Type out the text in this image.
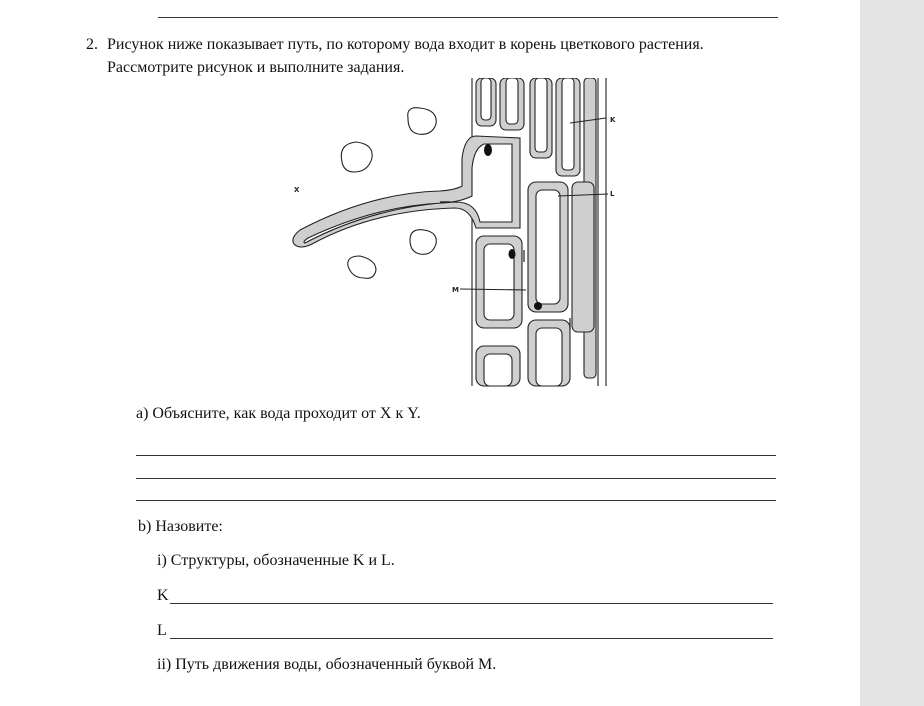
2. Рисунок ниже показывает путь, по которому вода входит в корень цветкового растения.
Рассмотрите рисунок и выполните задания.
X
K
L
M
a) Объясните, как вода проходит от X к Y.
b) Назовите:
i) Структуры, обозначенные K и L.
K
L
ii) Путь движения воды, обозначенный буквой M.
